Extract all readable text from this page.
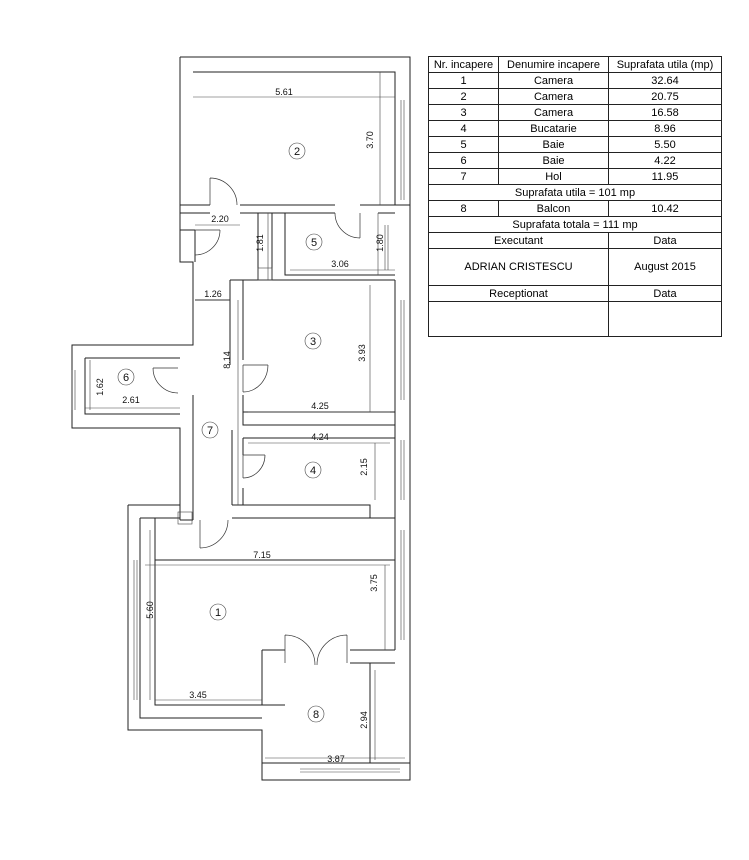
5.61
3.70
2.20
1.81
3.06
1.80
1.26
4.25
3.93
8.14
2.61
1.62
4.24
2.15
7.15
3.75
5.60
3.45
3.87
2.94
2
5
3
6
7
4
1
8
Nr. incapere	Denumire incapere	Suprafata utila (mp)
1	Camera	32.64
2	Camera	20.75
3	Camera	16.58
4	Bucatarie	8.96
5	Baie	5.50
6	Baie	4.22
7	Hol	11.95
Suprafata utila = 101 mp		
8	Balcon	10.42
Suprafata totala = 111 mp		
Executant		Data
ADRIAN CRISTESCU		August 2015
Receptionat		Data
